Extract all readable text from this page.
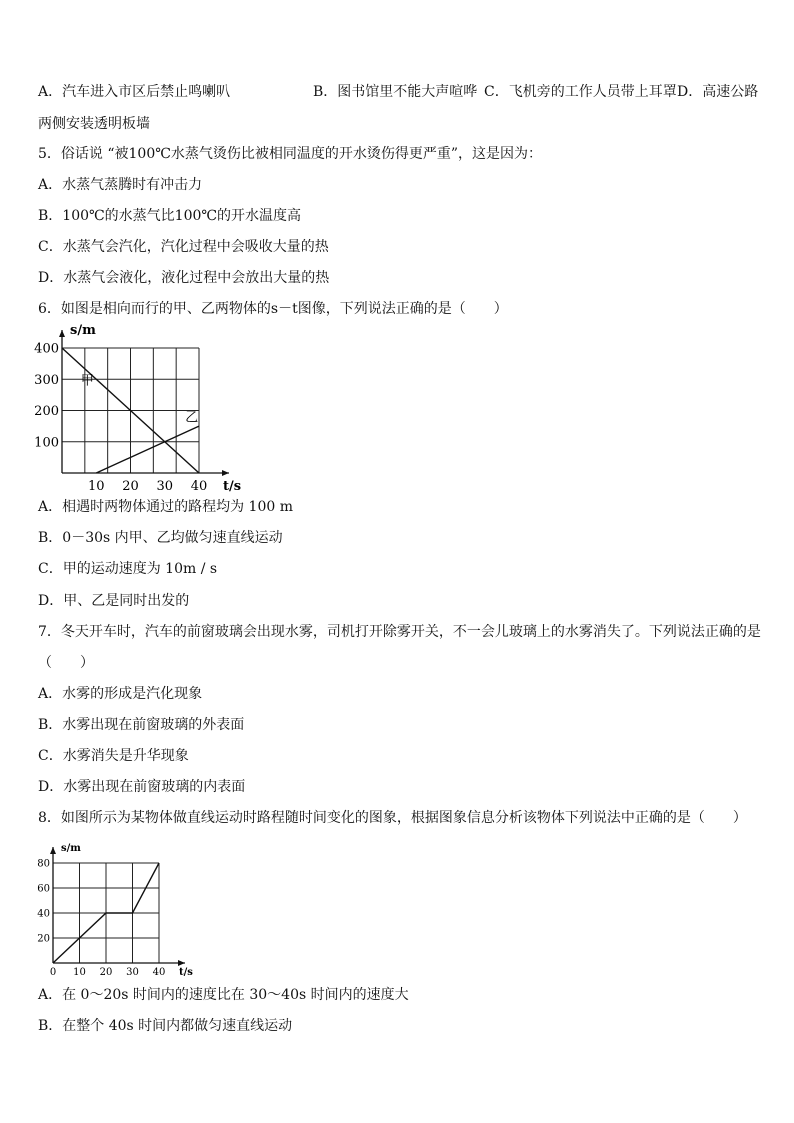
A．汽车进入市区后禁止鸣喇叭	B．图书馆里不能大声喧哗 C．飞机旁的工作人员带上耳罩 D．高速公路
两侧安装透明板墙
5．俗话说 “被100℃水蒸气烫伤比被相同温度的开水烫伤得更严重”，这是因为：
A．水蒸气蒸腾时有冲击力
B．100℃的水蒸气比100℃的开水温度高
C．水蒸气会汽化，汽化过程中会吸收大量的热
D．水蒸气会液化，液化过程中会放出大量的热
6．如图是相向而行的甲、乙两物体的s－t图像，下列说法正确的是（　　）
s/m
t/s
100
200
300
400
10 20 30 40
甲
乙
A．相遇时两物体通过的路程均为 100 m
B．0－30s 内甲、乙均做匀速直线运动
C．甲的运动速度为 10m / s
D．甲、乙是同时出发的
7．冬天开车时，汽车的前窗玻璃会出现水雾，司机打开除雾开关，不一会儿玻璃上的水雾消失了。下列说法正确的是
（　　）
A．水雾的形成是汽化现象
B．水雾出现在前窗玻璃的外表面
C．水雾消失是升华现象
D．水雾出现在前窗玻璃的内表面
8．如图所示为某物体做直线运动时路程随时间变化的图象，根据图象信息分析该物体下列说法中正确的是（　　）
s/m
t/s
20
40
60
80
0 10 20 30 40
A．在 0～20s 时间内的速度比在 30～40s 时间内的速度大
B．在整个 40s 时间内都做匀速直线运动
